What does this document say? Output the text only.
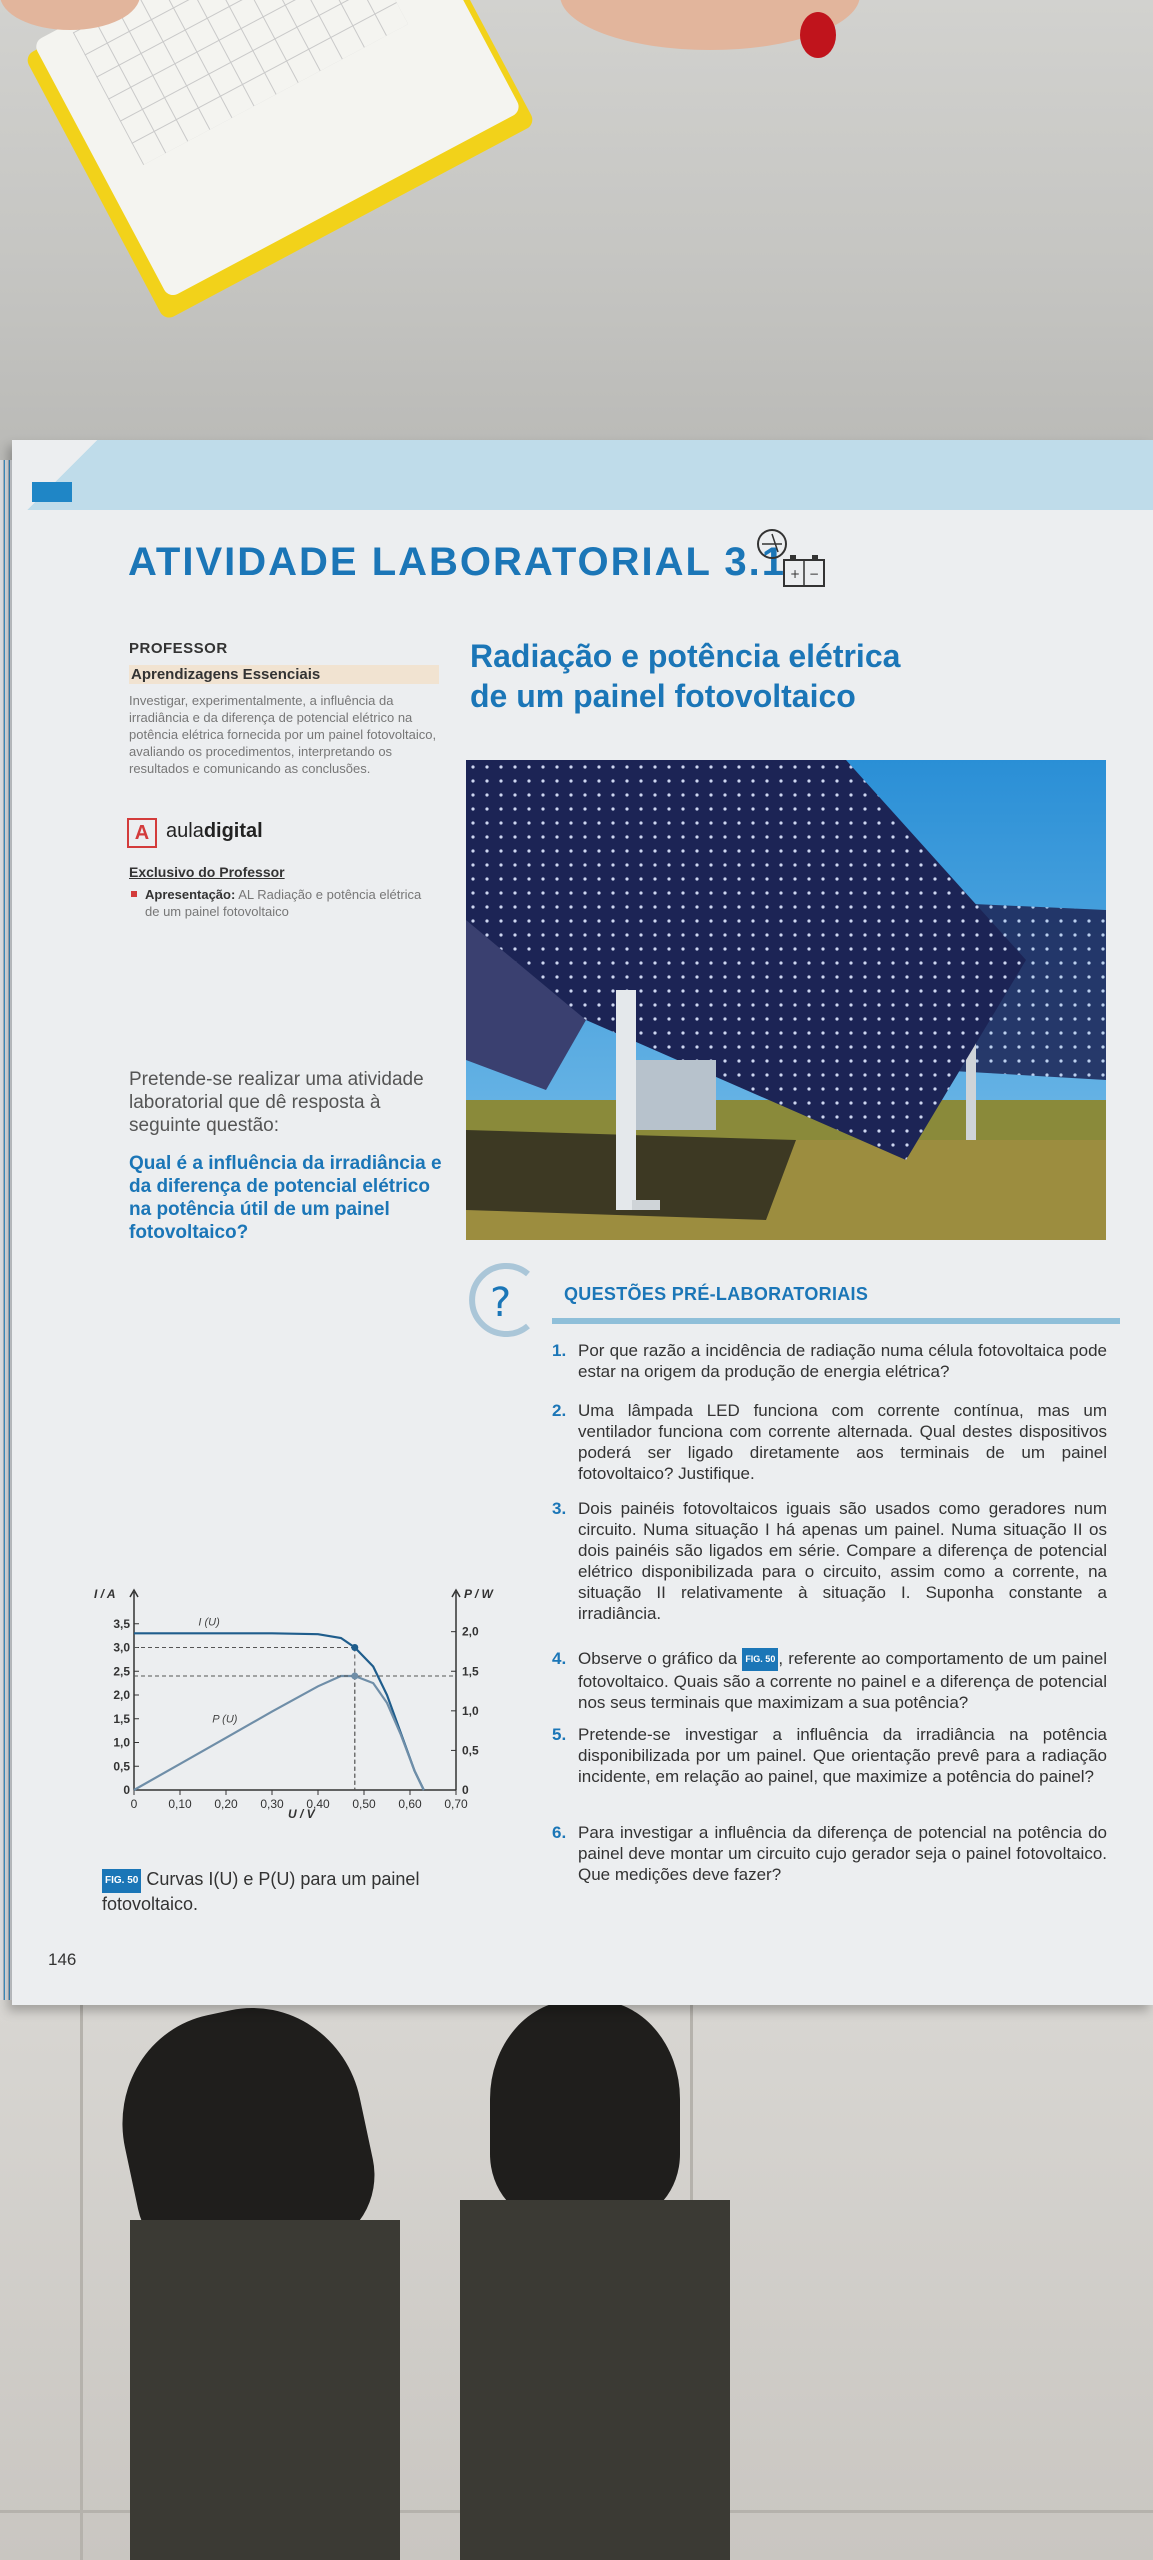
ATIVIDADE LABORATORIAL 3.1 + −
PROFESSOR
Aprendizagens Essenciais
Investigar, experimentalmente, a influência da irradiância e da diferença de potencial elétrico na potência elétrica fornecida por um painel fotovoltaico, avaliando os procedimentos, interpretando os resultados e comunicando as conclusões.
A auladigital
Exclusivo do Professor
Apresentação: AL Radiação e potência elétrica de um painel fotovoltaico
Pretende-se realizar uma atividade laboratorial que dê resposta à seguinte questão:
Qual é a influência da irradiância e da diferença de potencial elétrico na potência útil de um painel fotovoltaico?
Radiação e potência elétrica
de um painel fotovoltaico
?	QUESTÕES PRÉ-LABORATORIAIS
1. Por que razão a incidência de radiação numa célula fotovoltaica pode estar na origem da produção de energia elétrica?
2. Uma lâmpada LED funciona com corrente contínua, mas um ventilador funciona com corrente alternada. Qual destes dispositivos poderá ser ligado diretamente aos terminais de um painel fotovoltaico? Justifique.
3. Dois painéis fotovoltaicos iguais são usados como geradores num circuito. Numa situação I há apenas um painel. Numa situação II os dois painéis são ligados em série. Compare a diferença de potencial elétrico disponibilizada para o circuito, assim como a corrente, na situação II relativamente à situação I. Suponha constante a irradiância.
4. Observe o gráfico da FIG. 50 , referente ao comportamento de um painel fotovoltaico. Quais são a corrente no painel e a diferença de potencial nos seus terminais que maximizam a sua potência?
5. Pretende-se investigar a influência da irradiância na potência disponibilizada por um painel. Que orientação prevê para a radiação incidente, em relação ao painel, que maximize a potência do painel?
6. Para investigar a influência da diferença de potencial na potência do painel deve montar um circuito cujo gerador seja o painel fotovoltaico. Que medições deve fazer?
0	0,10 0,20 0,30 0,40 0,50 0,60 0,70
0
0,5
1,0
1,5
2,0
2,5
3,0
3,5
0
0,5
1,0
1,5
2,0
I (U)
P (U)
I / A	P / W
U / V
FIG. 50 Curvas I(U) e P(U) para um painel fotovoltaico.
146
